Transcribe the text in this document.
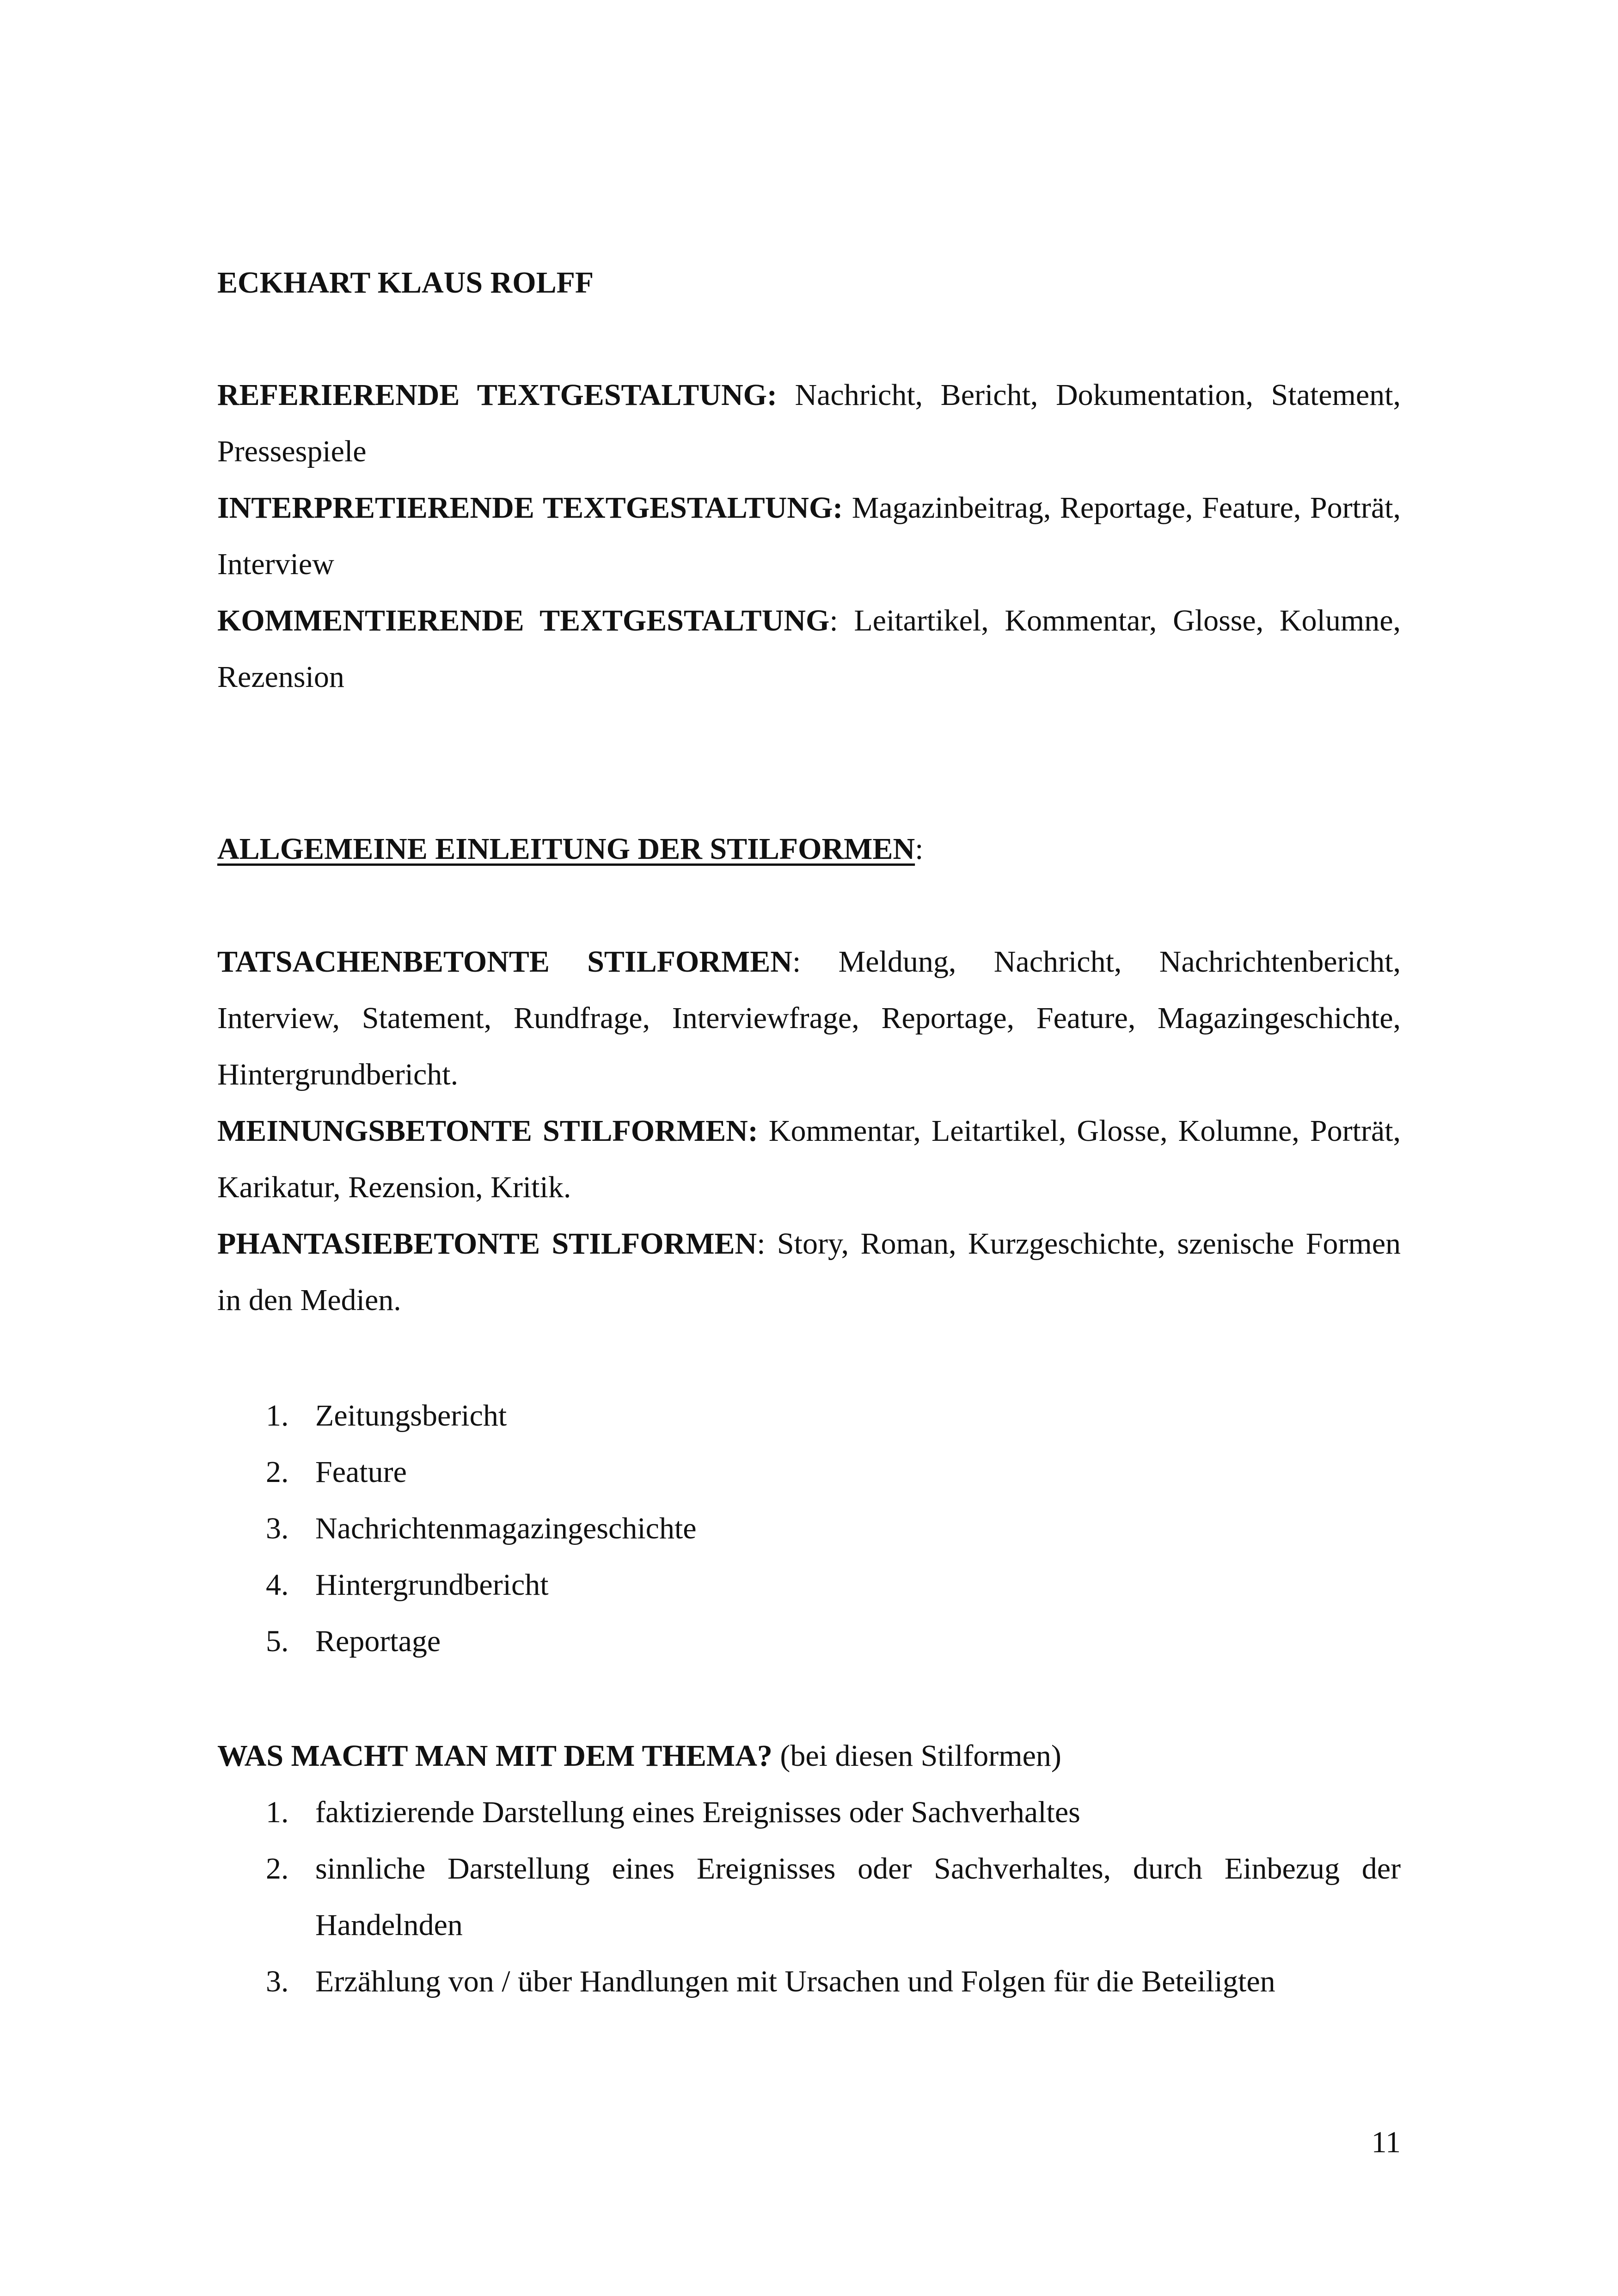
ECKHART KLAUS ROLFF
REFERIERENDE TEXTGESTALTUNG: Nachricht, Bericht, Dokumentation, Statement, Pressespiele
INTERPRETIERENDE TEXTGESTALTUNG: Magazinbeitrag, Reportage, Feature, Porträt, Interview
KOMMENTIERENDE TEXTGESTALTUNG: Leitartikel, Kommentar, Glosse, Kolumne, Rezension
ALLGEMEINE EINLEITUNG DER STILFORMEN:
TATSACHENBETONTE STILFORMEN: Meldung, Nachricht, Nachrichtenbericht, Interview, Statement, Rundfrage, Interviewfrage, Reportage, Feature, Magazingeschichte, Hintergrundbericht.
MEINUNGSBETONTE STILFORMEN: Kommentar, Leitartikel, Glosse, Kolumne, Porträt, Karikatur, Rezension, Kritik.
PHANTASIEBETONTE STILFORMEN: Story, Roman, Kurzgeschichte, szenische Formen in den Medien.
1. Zeitungsbericht
2. Feature
3. Nachrichtenmagazingeschichte
4. Hintergrundbericht
5. Reportage
WAS MACHT MAN MIT DEM THEMA? (bei diesen Stilformen)
1. faktizierende Darstellung eines Ereignisses oder Sachverhaltes
2. sinnliche Darstellung eines Ereignisses oder Sachverhaltes, durch Einbezug der Handelnden
3. Erzählung von / über Handlungen mit Ursachen und Folgen für die Beteiligten
11
